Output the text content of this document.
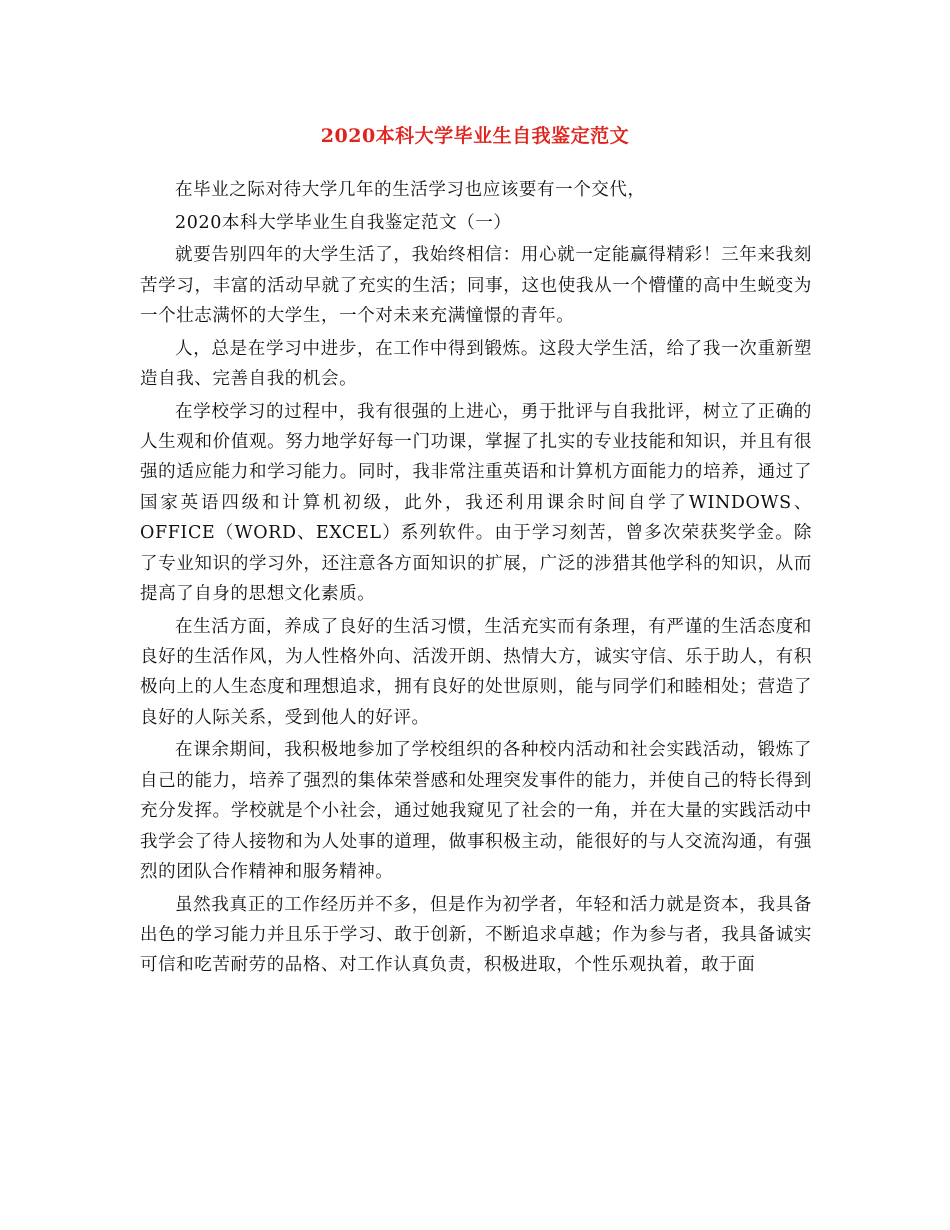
2020本科大学毕业生自我鉴定范文

在毕业之际对待大学几年的生活学习也应该要有一个交代，

2020本科大学毕业生自我鉴定范文（一）

就要告别四年的大学生活了，我始终相信：用心就一定能赢得精彩！三年来我刻苦学习，丰富的活动早就了充实的生活；同事，这也使我从一个懵懂的高中生蜕变为一个壮志满怀的大学生，一个对未来充满憧憬的青年。

人，总是在学习中进步，在工作中得到锻炼。这段大学生活，给了我一次重新塑造自我、完善自我的机会。

在学校学习的过程中，我有很强的上进心，勇于批评与自我批评，树立了正确的人生观和价值观。努力地学好每一门功课，掌握了扎实的专业技能和知识，并且有很强的适应能力和学习能力。同时，我非常注重英语和计算机方面能力的培养，通过了国家英语四级和计算机初级，此外，我还利用课余时间自学了WINDOWS、OFFICE（WORD、EXCEL）系列软件。由于学习刻苦，曾多次荣获奖学金。除了专业知识的学习外，还注意各方面知识的扩展，广泛的涉猎其他学科的知识，从而提高了自身的思想文化素质。

在生活方面，养成了良好的生活习惯，生活充实而有条理，有严谨的生活态度和良好的生活作风，为人性格外向、活泼开朗、热情大方，诚实守信、乐于助人，有积极向上的人生态度和理想追求，拥有良好的处世原则，能与同学们和睦相处；营造了良好的人际关系，受到他人的好评。

在课余期间，我积极地参加了学校组织的各种校内活动和社会实践活动，锻炼了自己的能力，培养了强烈的集体荣誉感和处理突发事件的能力，并使自己的特长得到充分发挥。学校就是个小社会，通过她我窥见了社会的一角，并在大量的实践活动中我学会了待人接物和为人处事的道理，做事积极主动，能很好的与人交流沟通，有强烈的团队合作精神和服务精神。

虽然我真正的工作经历并不多，但是作为初学者，年轻和活力就是资本，我具备出色的学习能力并且乐于学习、敢于创新，不断追求卓越；作为参与者，我具备诚实可信和吃苦耐劳的品格、对工作认真负责，积极进取，个性乐观执着，敢于面
